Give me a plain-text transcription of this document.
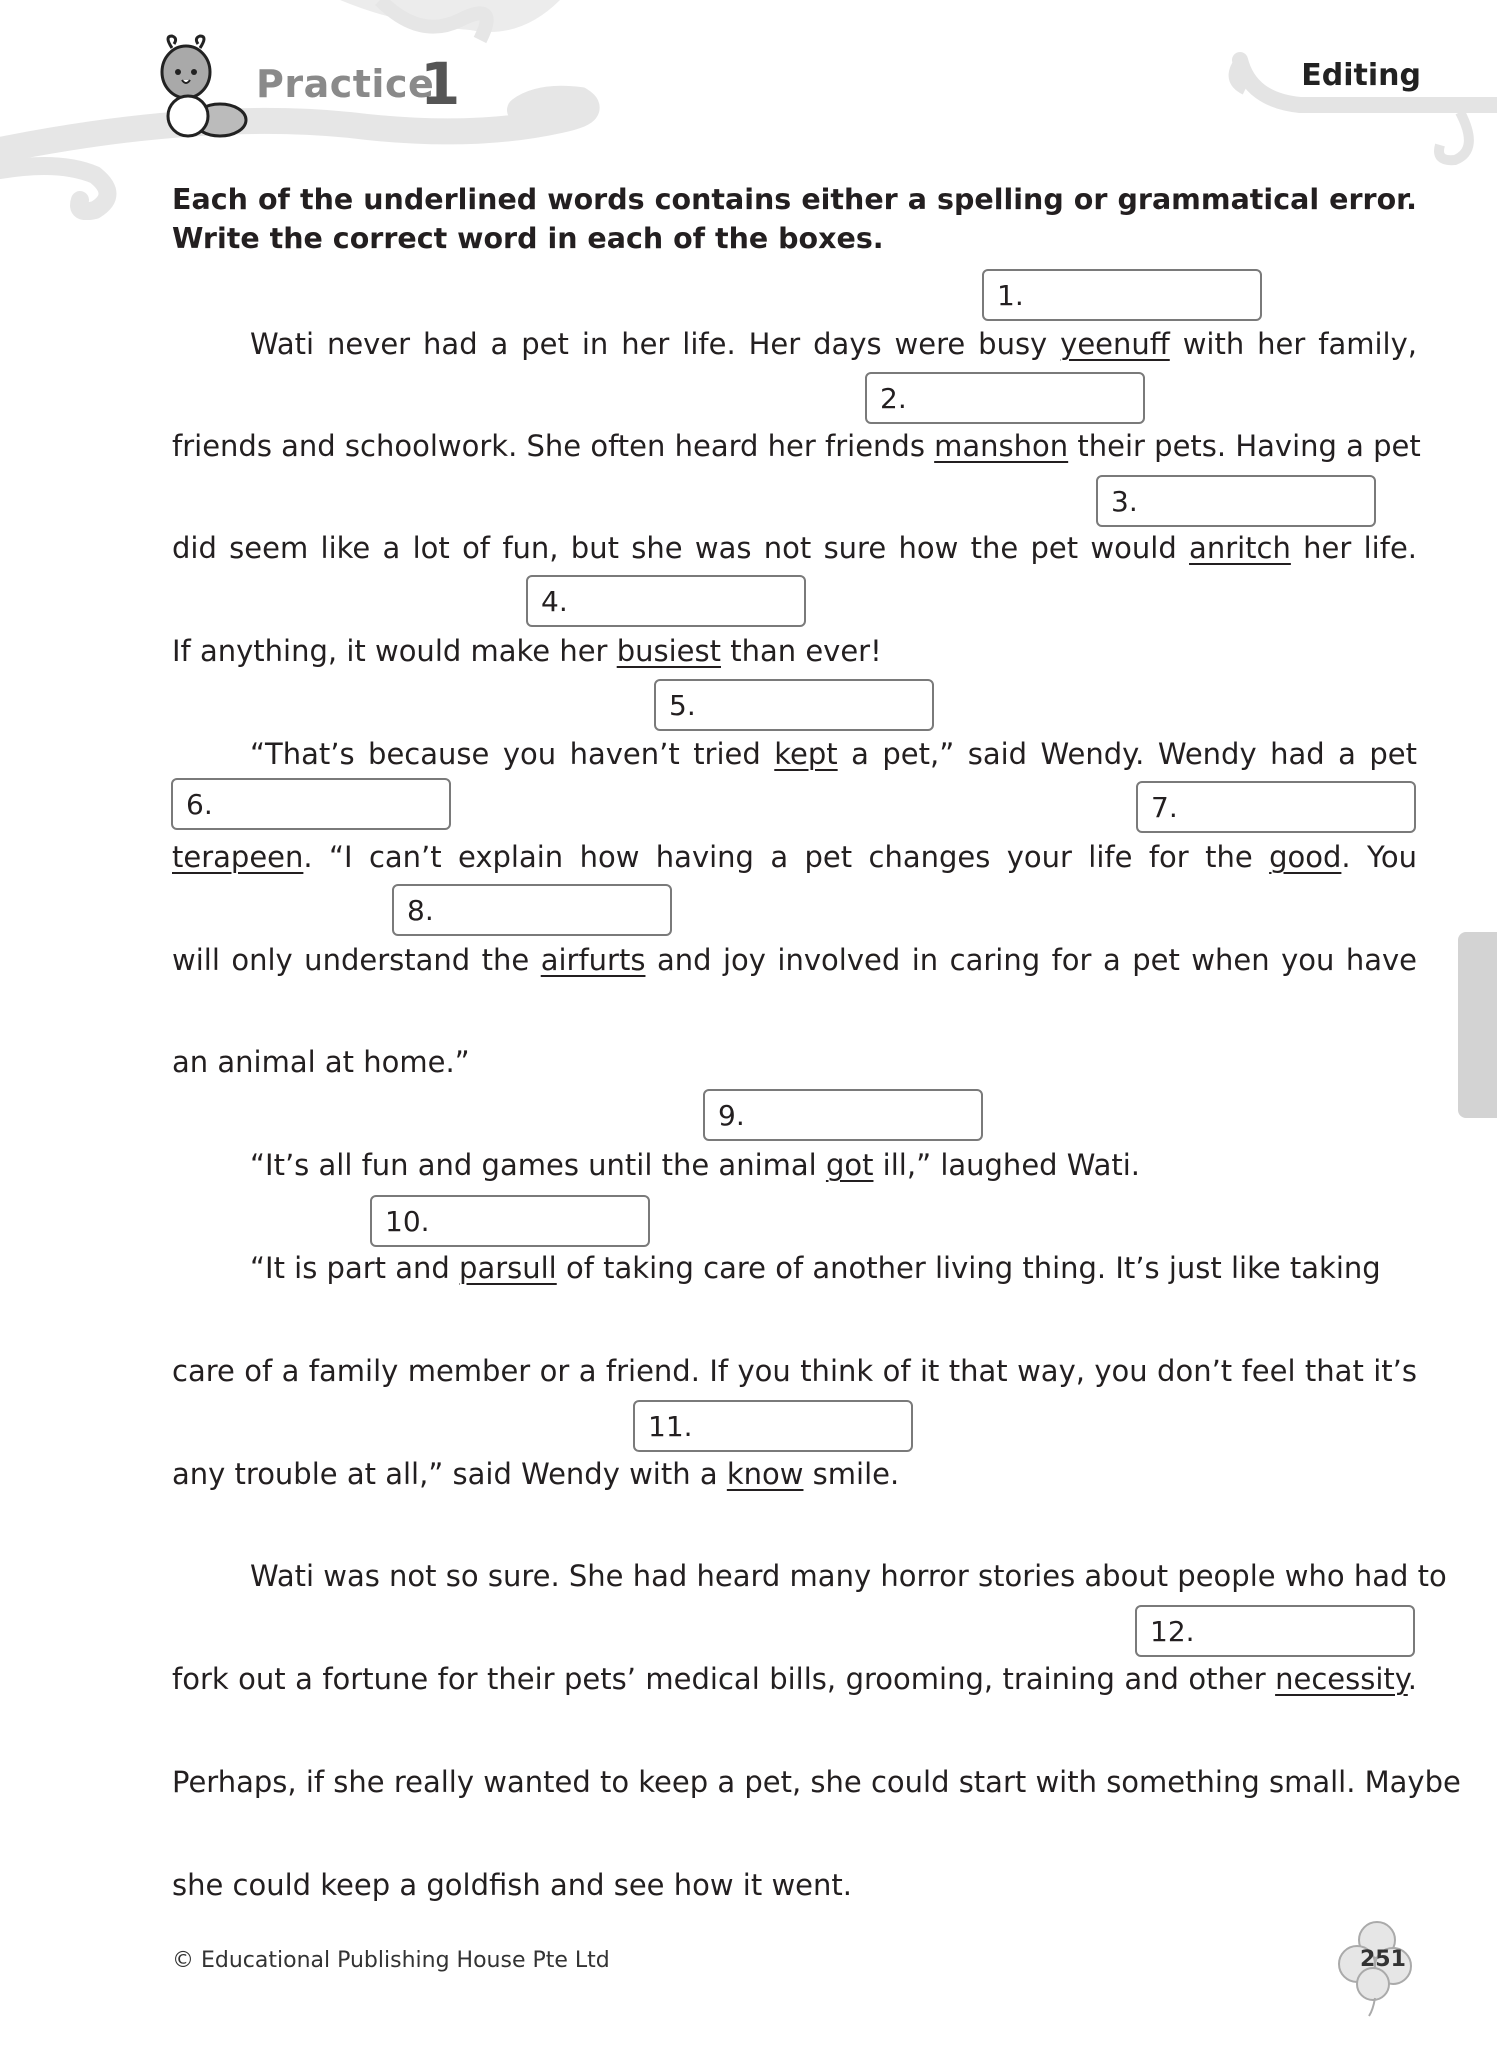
Practice
1	Editing
Each of the underlined words contains either a spelling or grammatical error. Write the correct word in each of the boxes.
Wati never had a pet in her life. Her days were busy yeenuff with her family,
friends and schoolwork. She often heard her friends manshon their pets. Having a pet
did seem like a lot of fun, but she was not sure how the pet would anritch her life.
If anything, it would make her busiest than ever!
“That’s because you haven’t tried kept a pet,” said Wendy. Wendy had a pet
terapeen. “I can’t explain how having a pet changes your life for the good. You
will only understand the airfurts and joy involved in caring for a pet when you have
an animal at home.”
“It’s all fun and games until the animal got ill,” laughed Wati.
“It is part and parsull of taking care of another living thing. It’s just like taking
care of a family member or a friend. If you think of it that way, you don’t feel that it’s
any trouble at all,” said Wendy with a know smile.
Wati was not so sure. She had heard many horror stories about people who had to
fork out a fortune for their pets’ medical bills, grooming, training and other necessity.
Perhaps, if she really wanted to keep a pet, she could start with something small. Maybe
she could keep a goldfish and see how it went.
1.
2.
3.
4.
5.
6.	7.
8.
9.
10.
11.
12.
© Educational Publishing House Pte Ltd	251
